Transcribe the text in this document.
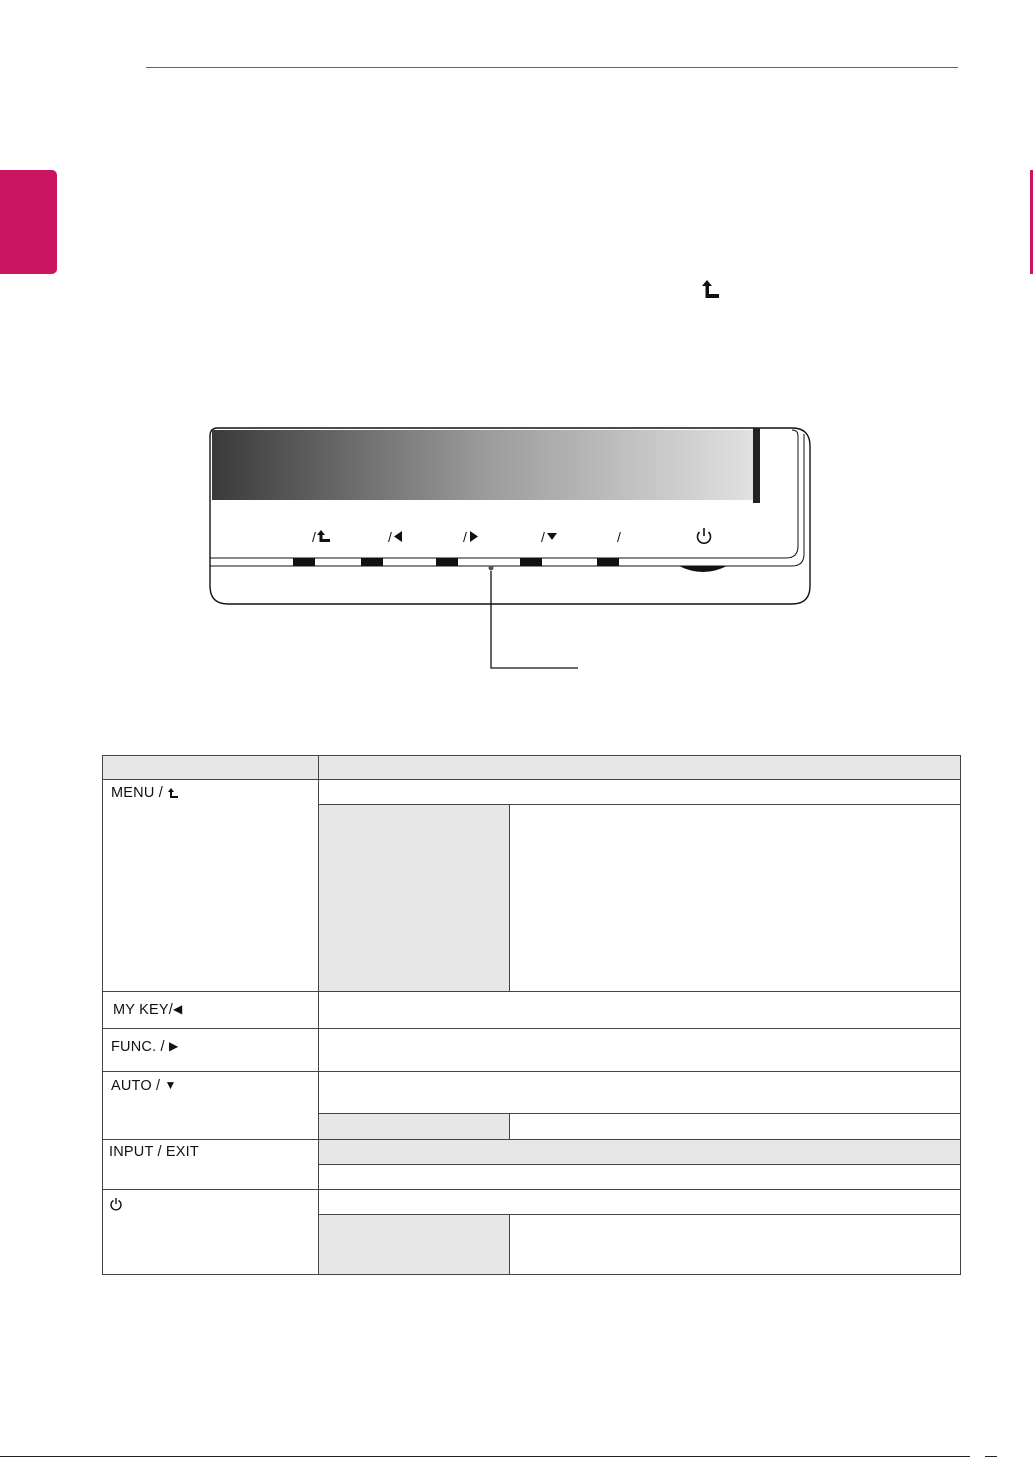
/	/	/	/	/

MENU /		

MY KEY/◀		

FUNC. / ▶		

AUTO / ▼		

INPUT / EXIT		
